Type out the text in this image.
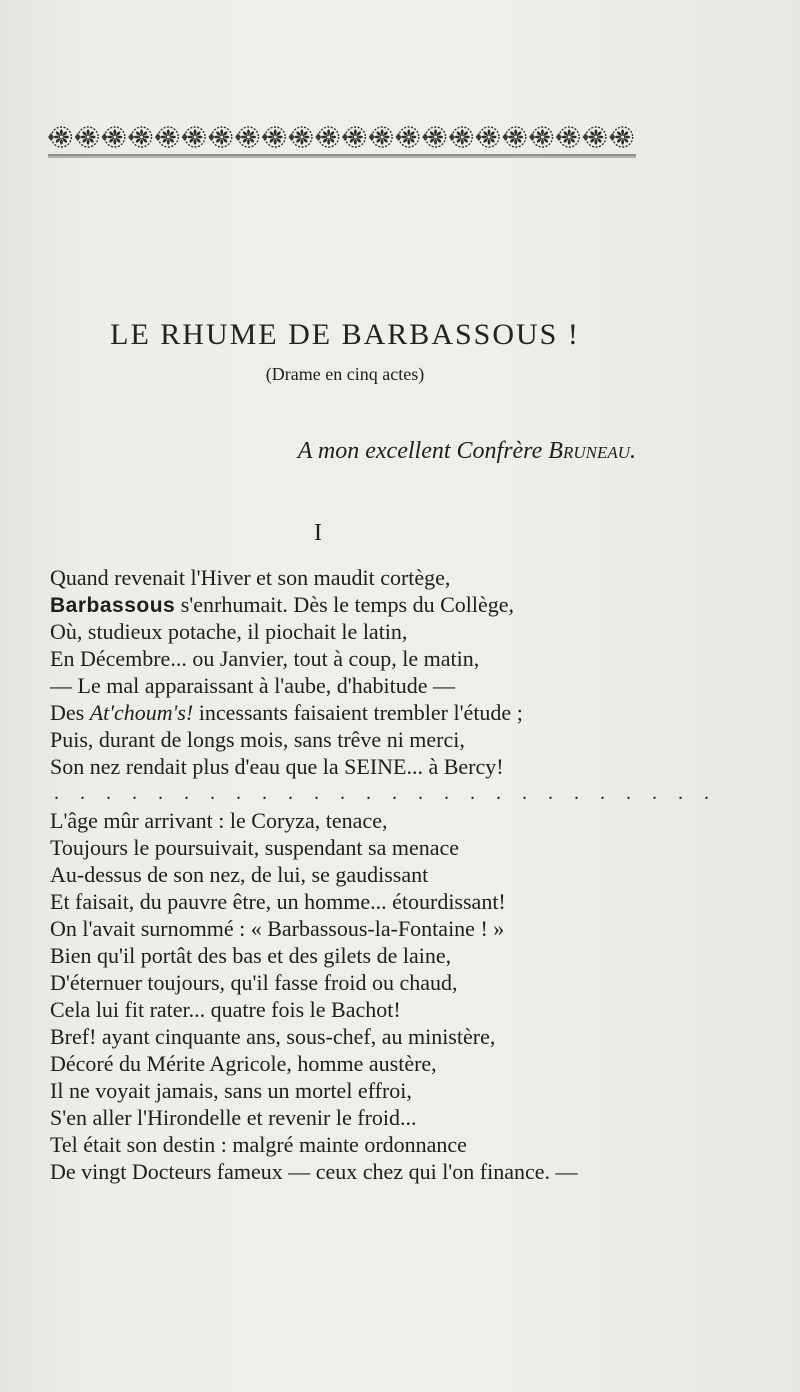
LE RHUME DE BARBASSOUS !
(Drame en cinq actes)
A mon excellent Confrère Bruneau.
I
Quand revenait l'Hiver et son maudit cortège,
Barbassous s'enrhumait. Dès le temps du Collège,
Où, studieux potache, il piochait le latin,
En Décembre... ou Janvier, tout à coup, le matin,
— Le mal apparaissant à l'aube, d'habitude —
Des At'choum's! incessants faisaient trembler l'étude ;
Puis, durant de longs mois, sans trêve ni merci,
Son nez rendait plus d'eau que la SEINE... à Bercy!
. . . . . . . . . . . . . . . . . . . . . . . . . .
L'âge mûr arrivant : le Coryza, tenace,
Toujours le poursuivait, suspendant sa menace
Au-dessus de son nez, de lui, se gaudissant
Et faisait, du pauvre être, un homme... étourdissant!
On l'avait surnommé : « Barbassous-la-Fontaine ! »
Bien qu'il portât des bas et des gilets de laine,
D'éternuer toujours, qu'il fasse froid ou chaud,
Cela lui fit rater... quatre fois le Bachot!
Bref! ayant cinquante ans, sous-chef, au ministère,
Décoré du Mérite Agricole, homme austère,
Il ne voyait jamais, sans un mortel effroi,
S'en aller l'Hirondelle et revenir le froid...
Tel était son destin : malgré mainte ordonnance
De vingt Docteurs fameux — ceux chez qui l'on finance. —
